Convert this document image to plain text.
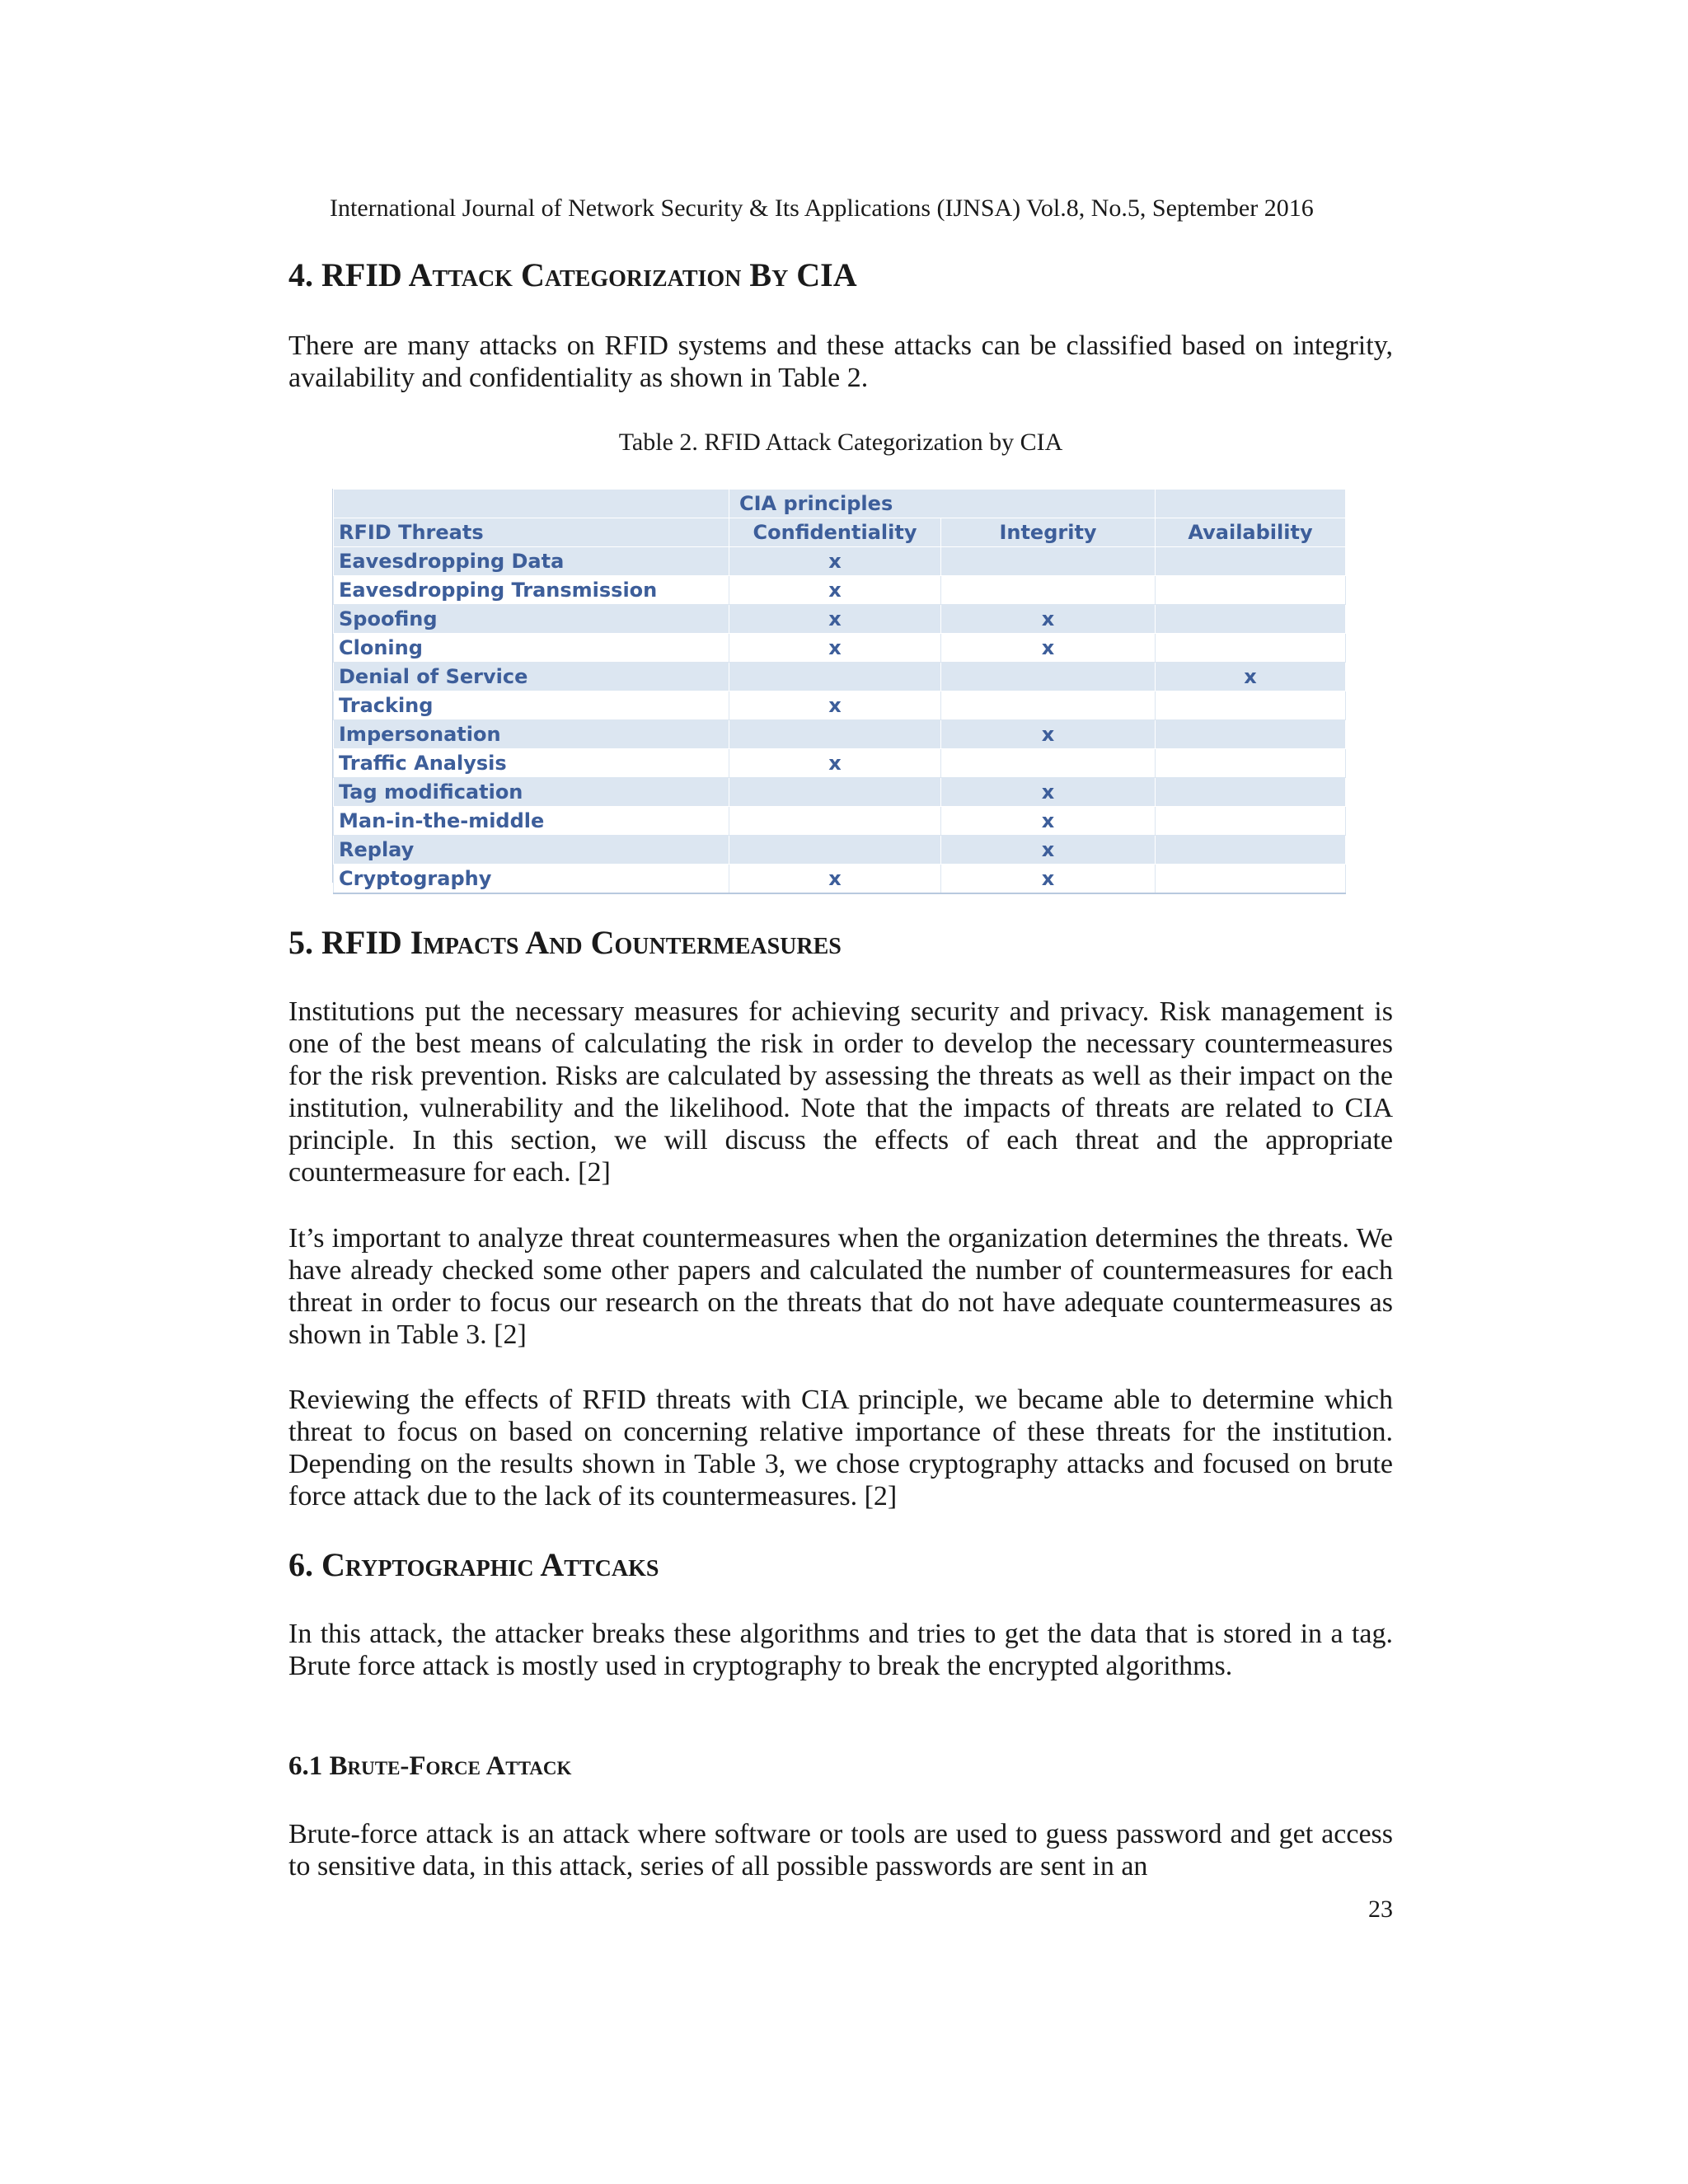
International Journal of Network Security & Its Applications (IJNSA) Vol.8, No.5, September 2016
4. RFID Attack Categorization By CIA

There are many attacks on RFID systems and these attacks can be classified based on integrity, availability and confidentiality as shown in Table 2.

Table 2. RFID Attack Categorization by CIA
	CIA principles		
RFID Threats	Confidentiality	Integrity	Availability
Eavesdropping Data	x		
Eavesdropping Transmission	x		
Spoofing	x	x	
Cloning	x	x	
Denial of Service			x
Tracking	x		
Impersonation		x	
Traffic Analysis	x		
Tag modification		x	
Man-in-the-middle		x	
Replay		x	
Cryptography	x	x	
5. RFID Impacts And Countermeasures

Institutions put the necessary measures for achieving security and privacy. Risk management is one of the best means of calculating the risk in order to develop the necessary countermeasures for the risk prevention. Risks are calculated by assessing the threats as well as their impact on the institution, vulnerability and the likelihood. Note that the impacts of threats are related to CIA principle. In this section, we will discuss the effects of each threat and the appropriate countermeasure for each. [2]

It’s important to analyze threat countermeasures when the organization determines the threats. We have already checked some other papers and calculated the number of countermeasures for each threat in order to focus our research on the threats that do not have adequate countermeasures as shown in Table 3. [2]

Reviewing the effects of RFID threats with CIA principle, we became able to determine which threat to focus on based on concerning relative importance of these threats for the institution. Depending on the results shown in Table 3, we chose cryptography attacks and focused on brute force attack due to the lack of its countermeasures. [2]

6. Cryptographic Attcaks

In this attack, the attacker breaks these algorithms and tries to get the data that is stored in a tag. Brute force attack is mostly used in cryptography to break the encrypted algorithms.

6.1 Brute-Force Attack

Brute-force attack is an attack where software or tools are used to guess password and get access to sensitive data, in this attack, series of all possible passwords are sent in an

23
